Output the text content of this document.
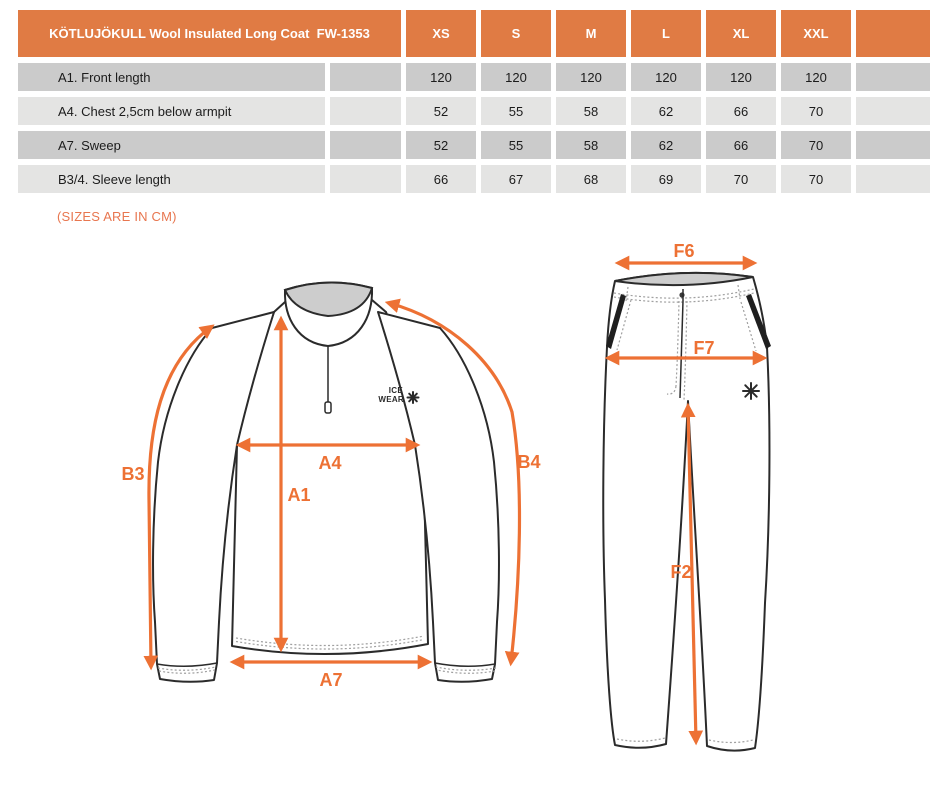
KÖTLUJÖKULL Wool Insulated Long Coat  FW-1353	XS	S	M	L	XL	XXL
A1. Front length	120	120	120	120	120	120
A4. Chest 2,5cm below armpit	52	55	58	62	66	70
A7. Sweep	52	55	58	62	66	70
B3/4. Sleeve length	66	67	68	69	70	70
(SIZES ARE IN CM)
ICE
WEAR
B3
B4
A4
A1
A7
F6
F7
F2
